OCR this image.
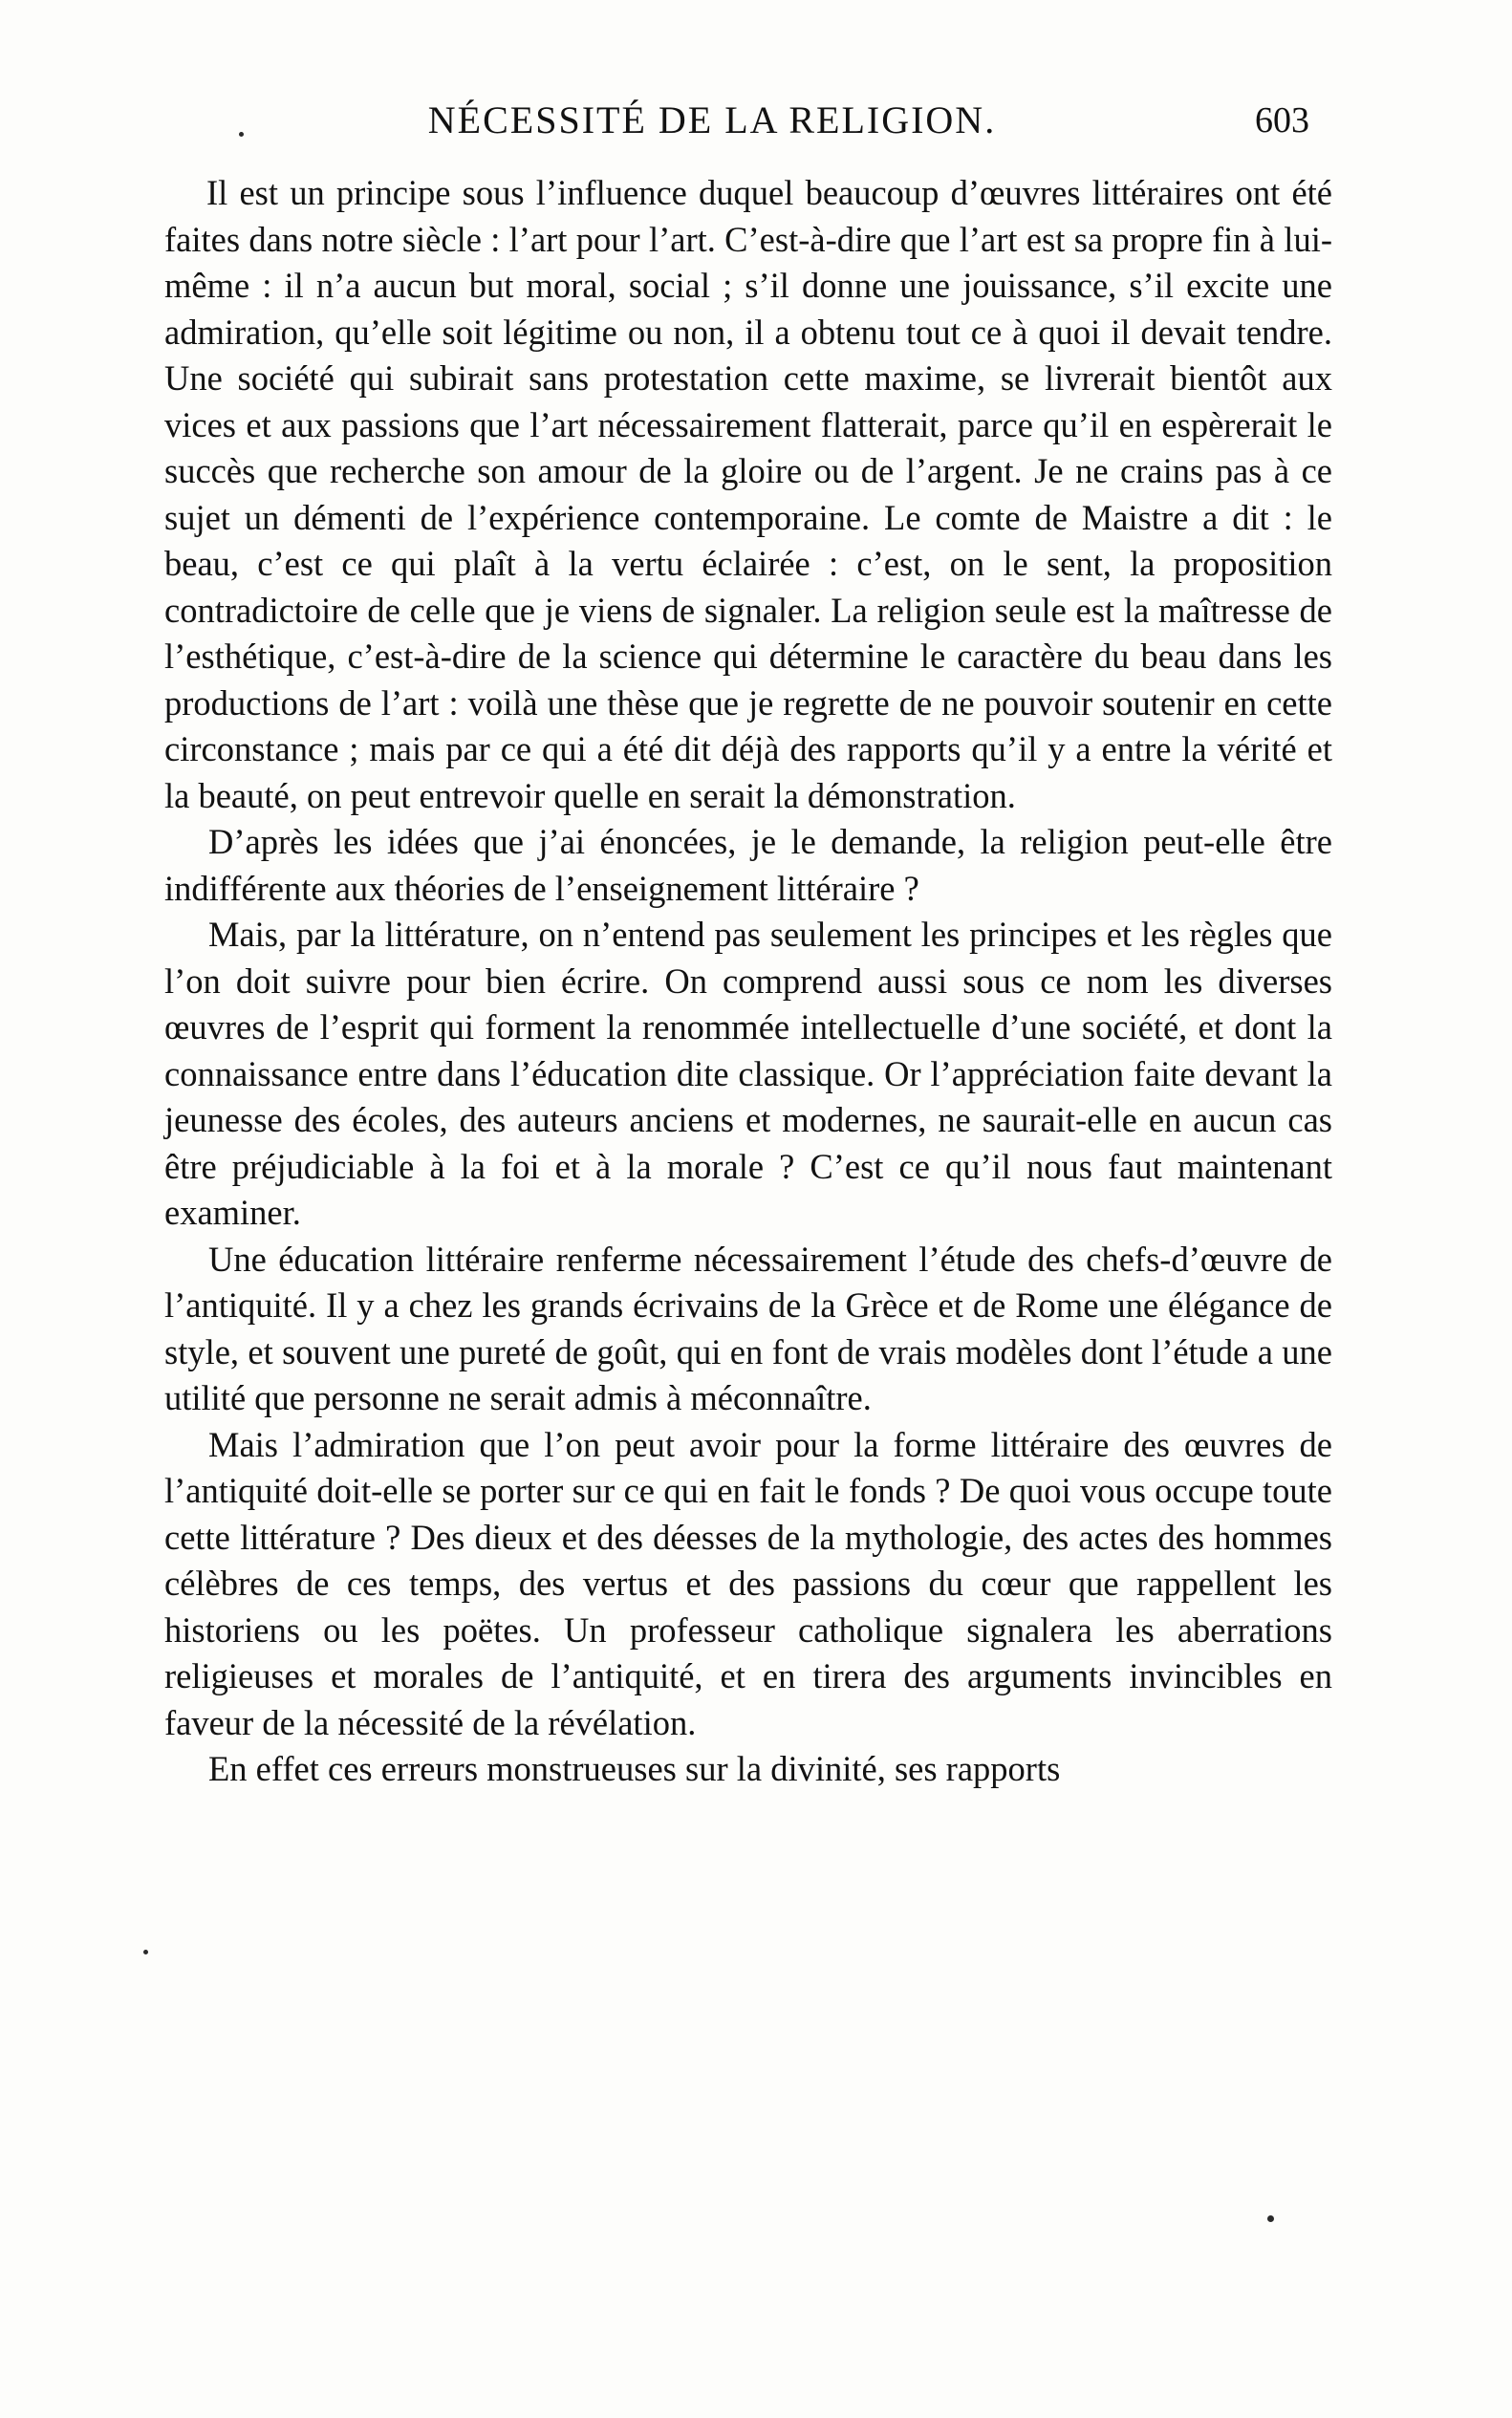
NÉCESSITÉ DE LA RELIGION.	603

Il est un principe sous l’influence duquel beaucoup d’œuvres littéraires ont été faites dans notre siècle : l’art pour l’art. C’est-à-dire que l’art est sa propre fin à lui-même : il n’a aucun but moral, social ; s’il donne une jouissance, s’il excite une admiration, qu’elle soit légitime ou non, il a obtenu tout ce à quoi il devait tendre. Une société qui subirait sans protestation cette maxime, se livrerait bientôt aux vices et aux passions que l’art nécessairement flatterait, parce qu’il en espèrerait le succès que recherche son amour de la gloire ou de l’argent. Je ne crains pas à ce sujet un démenti de l’expérience contemporaine. Le comte de Maistre a dit : le beau, c’est ce qui plaît à la vertu éclairée : c’est, on le sent, la proposition contradictoire de celle que je viens de signaler. La religion seule est la maîtresse de l’esthétique, c’est-à-dire de la science qui détermine le caractère du beau dans les productions de l’art : voilà une thèse que je regrette de ne pouvoir soutenir en cette circonstance ; mais par ce qui a été dit déjà des rapports qu’il y a entre la vérité et la beauté, on peut entrevoir quelle en serait la démonstration.

D’après les idées que j’ai énoncées, je le demande, la religion peut-elle être indifférente aux théories de l’enseignement littéraire ?

Mais, par la littérature, on n’entend pas seulement les principes et les règles que l’on doit suivre pour bien écrire. On comprend aussi sous ce nom les diverses œuvres de l’esprit qui forment la renommée intellectuelle d’une société, et dont la connaissance entre dans l’éducation dite classique. Or l’appréciation faite devant la jeunesse des écoles, des auteurs anciens et modernes, ne saurait-elle en aucun cas être préjudiciable à la foi et à la morale ? C’est ce qu’il nous faut maintenant examiner.

Une éducation littéraire renferme nécessairement l’étude des chefs-d’œuvre de l’antiquité. Il y a chez les grands écrivains de la Grèce et de Rome une élégance de style, et souvent une pureté de goût, qui en font de vrais modèles dont l’étude a une utilité que personne ne serait admis à méconnaître.

Mais l’admiration que l’on peut avoir pour la forme littéraire des œuvres de l’antiquité doit-elle se porter sur ce qui en fait le fonds ? De quoi vous occupe toute cette littérature ? Des dieux et des déesses de la mythologie, des actes des hommes célèbres de ces temps, des vertus et des passions du cœur que rappellent les historiens ou les poëtes. Un professeur catholique signalera les aberrations religieuses et morales de l’antiquité, et en tirera des arguments invincibles en faveur de la nécessité de la révélation.

En effet ces erreurs monstrueuses sur la divinité, ses rapports
